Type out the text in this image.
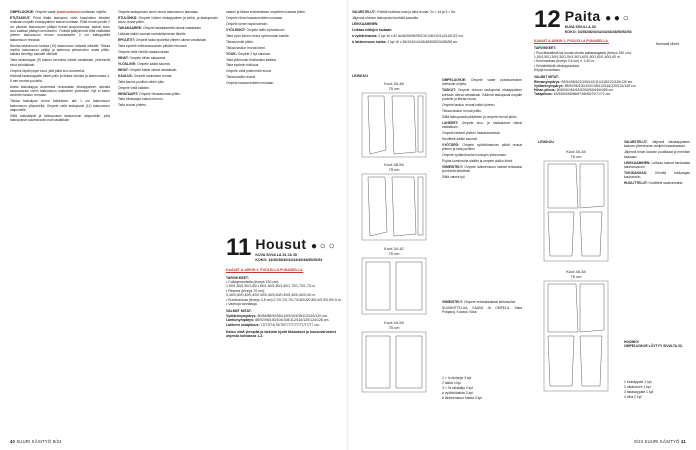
OMPELUOHJE: Ompele vaate pussisuntoisen luettavan ohjeita.

ETUTASKUT: Piirrä tilalla taskuinen ristin kaavioiden tekstien muikaan ruojalle etukappaleen taskun kohtaan. Pitkä rinnan puolle 2 cm pituisen taskunsuun päälyn rinnan suojuunnossa, taskun suun sivu saattaa pääsyn kerrokseen. Yhdistä päälyimmät viillä väiäkäisä yhteen taskunsuun rinnan suuntaiseen 0 cm etäisyydellä taskunsuun rinnasta.

Neulaa taskunsuun lankaa (10) taskunsuun lankaisi oikealle. Tikkaa myöhä taskunsuun päälyt ja alareuna pintavuoten omaa pitkin, kaikkia kinnittyy samalle oikealle.

Taita taskukappa (9) taskun kerrointa oikeat vastakkain, pidemmät sivut kohdakkain.

Ompele läpät lyhyet sivut, jätä pitkä sivu avoimeksi.

Käännä taskukappale oikein päin ja tikkaa sivuista ja alareunasta 4-5 mm reunan puolella.

Aseta taskukappa avoimesta reunastaan etukappaleen oikealla saumavarani varmi taskunsuun kakkainen ylärevaan. Nyt ei karko avoimen taskun reunaan.

Tikkaa taskulipan reuna kaikkaisen alle 1 cm taskunsuun taskunsuun yläpuolelta. Ompele vielä taskupussi (11) taskunsuun alapuolelle.

Silitä taskukäpät ja taskupussin taskunsuun alapuolelle, jotta taskupussin saumavarat ovat vastakkain.

Ompele taskupussin avoin reuna taskunsuun alaosaan.

ETULÖHKÄ: Ompele vöiden etukappaleen ja selkä- ja taskupussin avoin reuna pitkin.

TAKAKAARRE: Ompele takakaarretta oikeat vastakkain.

Leikkaa kaikki saumat mahdollisimman lähelle.

EPOLETIT: Ompele kaksi epolettia yhteen oikeat vastakkain.

Taita epoletin leikkaussauman pitkään reunaan.

Ompele vielä vierillä vaakasuoraan.

HIHAT: Ompele hihan alasauma.

YLÖSLIIVE: Ompele kaikki saumat.

HIHAT: Ompele kaikki oikeat vastakkain.

KAULUS: Ompele kauluksen reunat.

Taita kaulus puoliksi oikein päin.

Ompele vielä kaikkiin.

HIHATAAPIT: Ompele hihasaumaan pitkin.

Taita hihataaput kaksin kerroin.

Taita reunat yhteen.

vaaten ja tikkaa ensimmäisen ompeleen kaavaa pitkin.

Ompele hihan kaavamerkkien mukaan.

Ompele toinen tapai samoin.

VYÖLENKIT: Ompele taitin vyöaukkoon.

Taita vyön toinen reuna vyönreunan tasolle.

Tikkaa lenkit pitkin.

Tikkaa taskun reunat kiinni.

YOOK: Ompele 2 kpl saumaa.

Taita yläreunan lenkiaukko kaikkia.

Taita epoletin leikkaus.

Ompele vielä pidemmät reunat.

Tikkaa kaikki reunat.

Ompele kaavamerkkien mukaan.

11 Housut ● ○ ○
KUVA SIVULLA 34 JA 35
KOKO: 34/36/38/40/42/44/46/48/50/52/54
KAAVAT A-ARKIN 2, PUOLELLA PUNAISELLA.
TARVIKKEET:
• Collegeneuletta (leveys 150 cm):
1,50/1,50/1,50/1,60/1,60/1,60/1,60/1,60/1,70/1,70/1,70 m.
• Resoria (leveys 70 cm):
0,40/0,40/0,40/0,40/0,40/0,40/0,40/0,40/0,40/0,40/0,40 m.
• Kuminauhaa (leveys 3,5 cm) 0,7/0,7/0,7/0,7/0,8/0,8/0,8/0,9/0,9/0,9/0,9 m.
• Vanhoja tunnistuja.
VALMIIT MITAT:
Vyötärönympärys: 80/84/88/92/96/100/104/108/112/116/120 cm.
Lantionympärys: 88/92/96/100/104/108/112/116/120/124/128 cm.
Lahkeen sisäpituus: 72/73/74/75/76/77/77/77/77/77/77 cm.
Katso vielä ylempää ja tarkista hyvät tikkaukset ja housuvarusteet ohjeista kohdassa 1-2.
40 SUURI KÄSITYÖ 8/24

VALMISTELUT: Yhdistä kuteissa osia ja taita reunat: 2x = 1a ja 3 = 5a.

Jäljennä ohimun taskupussi merkkiä kaavalla.

LEIKKAAMINEN:

Leikkaa mittojen mukaan:

a vyötärönauha: 2 kpl 16 x 82 tai 86/90/94/98/102/106/110/114/118/122 cm.

b lahkeensuun kaista: 2 kpl 16 x 38/40/42/44/46/48/50/52/54/56/58 cm.

LEIKKUU
Koot 34-46
75 cm
Koot 48-54
75 cm
Koot 34-42
75 cm
Koot 44-54
75 cm

OMPELUOHJE: Ompele vaate pussisuntoisen luettavan ohjeita.

TASKUT: Ompele ohimun taskupussi etukappaleen kohtaan oikeat vastakkain. Käännä taskupussi nurjalle puolelle ja tikkaa reuna.

Ompele taskun reunat kaikki yhteen.

Tikkaa taskun reunat pitkin.

Silitä taskupussit paikalleen ja ompele reunat pitkin.

LAHKEET: Ompele sivu- ja sisäsaumat oikeat vastakkain.

Ompele lahkeet yhteen haarasaumasta.

Huolittele kaikki saumat.

VYÖTÄRÖ: Ompele vyötärönauhan pitkät reunat yhteen ja taita puoliksi.

Ompele vyötärönauha housujen yläreunaan.

Pujota kuminauha sisään ja ompele aukko kiinni.

VIIMEISTELY: Ompele lahkeensuun kaistat renkaaksi ja kiinnitä lahkeisiin.

Silitä valmis työ.

VIIMEISTELY: Ompele vesisaksiakaat lahkesuihin.

SUUNNITTELUA, KAAVA JA OMPELU: Saka Pohjanoj. Kuvaus: Nina.

1 = Ix etulahje 3 kpl
2 takka x kpl
3 = 3x takatalja 2 kpl
a vyötärökaista 3 kpl
b lahkeensuun kaista 3 kpl
12 Paita ● ● ○
KUVA SIVULLA 33
KOKO: 34/36/38/40/42/44/46/48/50/52/54
KAAVAT A-ARKIN 1, PUOLELLA PUNAISELLA.
TARVIKKEET:
• Puuvillasatiinia tai muuta ohutta paitakangasta (leveys 150 cm):
1,50/1,50/1,50/1,50/1,50/1,50/1,60/1,60/1,60/1,60/1,60 m.
• Kuminauhaa (leveys 0,5 cm) n. 0,40 m.
• Kiinnitettäviä olkatoppauksia.
Kirjoja kuvioitaan.
VALMIIT MITAT:
Rinnanympärys: 90/94/98/102/106/110/114/118/122/126/130 cm.
Vyötärönympärys: 88/92/96/100/104/108/112/116/120/124/128 cm.
Hihan pituus: 60/60/61/61/62/62/63/63/64/64/65 cm.
Takapituus: 62/63/64/65/66/67/68/69/70/71/72 cm.
Normaali vihreä
LEIKKUU
Koot 34-44
75 cm
Koot 46-54
75 cm

VALMISTELUT: Jäljennä takakappaleen kaavan ylärereunas vesijoki kaavakaavan.

Jäljennä hihan kaavan puolikkaat ja merkitse kaavaan.

LEIKKAAMINEN: Leikkaa kaavat kankaasta saumanvaroin.

TUKIKANGAS: Kiinnitä tukikangas kaulusosiin.

HUOLITTELUT: Huolittele saumanvarat.

HUOMIO!
OMPELUOHJE LÖYTYY SIVULTA 33.
1 etukappale 1 kpl
2 olkakorvre 1 kpl
3 takakappale 1 kpl
4 hiha 2 kpl
8/24 SUURI KÄSITYÖ 41
